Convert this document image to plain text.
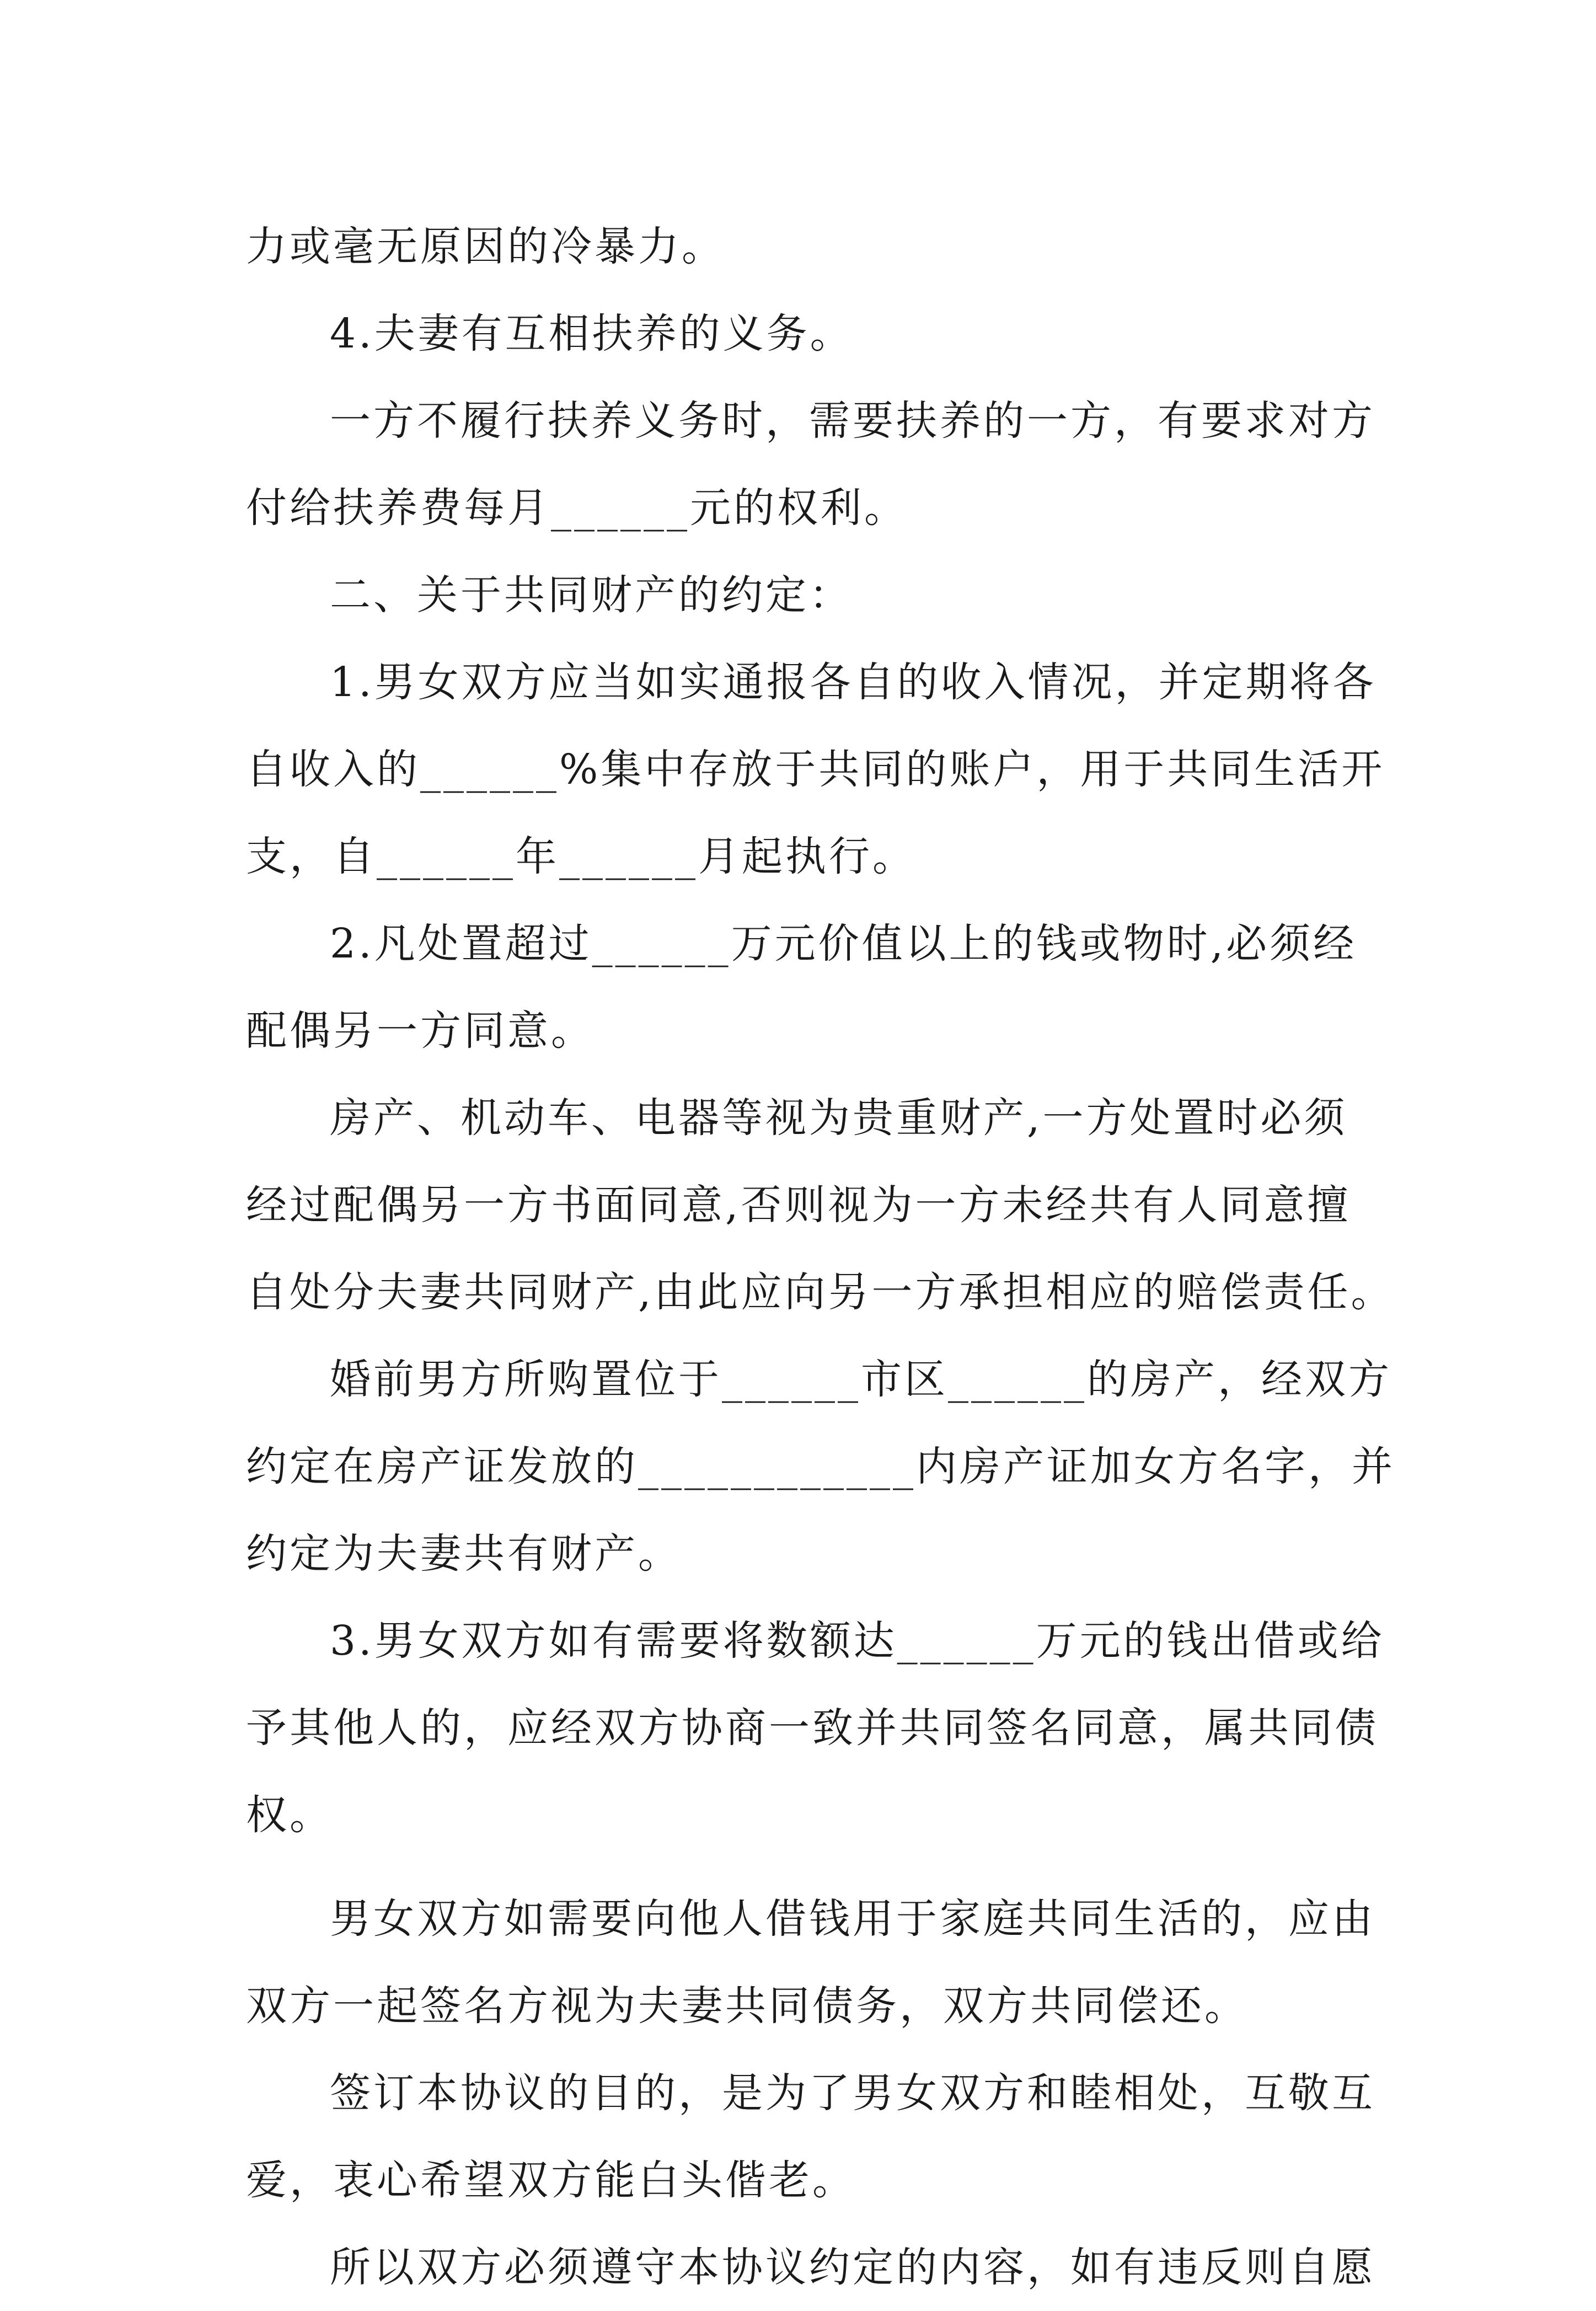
力或毫无原因的冷暴力。
4.夫妻有互相扶养的义务。
一方不履行扶养义务时，需要扶养的一方，有要求对方
付给扶养费每月______元的权利。
二、关于共同财产的约定：
1.男女双方应当如实通报各自的收入情况，并定期将各
自收入的______%集中存放于共同的账户，用于共同生活开
支，自______年______月起执行。
2.凡处置超过______万元价值以上的钱或物时,必须经
配偶另一方同意。
房产、机动车、电器等视为贵重财产,一方处置时必须
经过配偶另一方书面同意,否则视为一方未经共有人同意擅
自处分夫妻共同财产,由此应向另一方承担相应的赔偿责任。
婚前男方所购置位于______市区______的房产，经双方
约定在房产证发放的____________内房产证加女方名字，并
约定为夫妻共有财产。
3.男女双方如有需要将数额达______万元的钱出借或给
予其他人的，应经双方协商一致并共同签名同意，属共同债
权。
男女双方如需要向他人借钱用于家庭共同生活的，应由
双方一起签名方视为夫妻共同债务，双方共同偿还。
签订本协议的目的，是为了男女双方和睦相处，互敬互
爱，衷心希望双方能白头偕老。
所以双方必须遵守本协议约定的内容，如有违反则自愿
